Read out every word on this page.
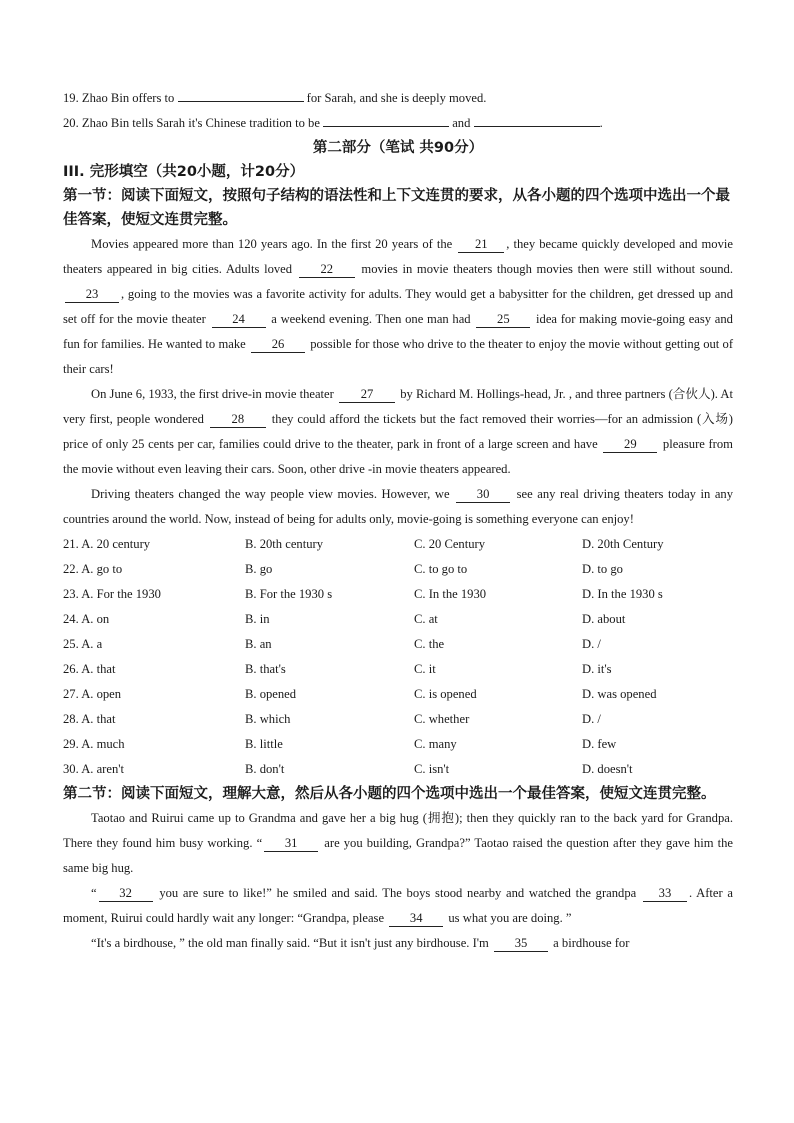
19. Zhao Bin offers to	for Sarah, and she is deeply moved.
20. Zhao Bin tells Sarah it's Chinese tradition to be	and	.
第二部分（笔试 共90分）
III. 完形填空（共20小题，计20分）
第一节：阅读下面短文，按照句子结构的语法性和上下文连贯的要求，从各小题的四个选项中选出一个最佳答案，使短文连贯完整。
Movies appeared more than 120 years ago. In the first 20 years of the 21 , they became quickly developed and movie theaters appeared in big cities. Adults loved 22 movies in movie theaters though movies then were still without sound. 23 , going to the movies was a favorite activity for adults. They would get a babysitter for the children, get dressed up and set off for the movie theater 24 a weekend evening. Then one man had 25 idea for making movie-going easy and fun for families. He wanted to make 26 possible for those who drive to the theater to enjoy the movie without getting out of their cars!
On June 6, 1933, the first drive-in movie theater 27 by Richard M. Hollings-head, Jr. , and three partners (合伙人). At very first, people wondered 28 they could afford the tickets but the fact removed their worries—for an admission (入场) price of only 25 cents per car, families could drive to the theater, park in front of a large screen and have 29 pleasure from the movie without even leaving their cars. Soon, other drive -in movie theaters appeared.
Driving theaters changed the way people view movies. However, we 30 see any real driving theaters today in any countries around the world. Now, instead of being for adults only, movie-going is something everyone can enjoy!
21. A. 20 century	B. 20th century	C. 20 Century	D. 20th Century
22. A. go to	B. go	C. to go to	D. to go
23. A. For the 1930	B. For the 1930 s	C. In the 1930	D. In the 1930 s
24. A. on	B. in	C. at	D. about
25. A. a	B. an	C. the	D. /
26. A. that	B. that's	C. it	D. it's
27. A. open	B. opened	C. is opened	D. was opened
28. A. that	B. which	C. whether	D. /
29. A. much	B. little	C. many	D. few
30. A. aren't	B. don't	C. isn't	D. doesn't
第二节：阅读下面短文，理解大意，然后从各小题的四个选项中选出一个最佳答案，使短文连贯完整。
Taotao and Ruirui came up to Grandma and gave her a big hug (拥抱); then they quickly ran to the back yard for Grandpa. There they found him busy working. “ 31 are you building, Grandpa?” Taotao raised the question after they gave him the same big hug.
“ 32 you are sure to like!” he smiled and said. The boys stood nearby and watched the grandpa 33 . After a moment, Ruirui could hardly wait any longer: “Grandpa, please 34 us what you are doing. ”
“It's a birdhouse, ” the old man finally said. “But it isn't just any birdhouse. I'm 35 a birdhouse for
